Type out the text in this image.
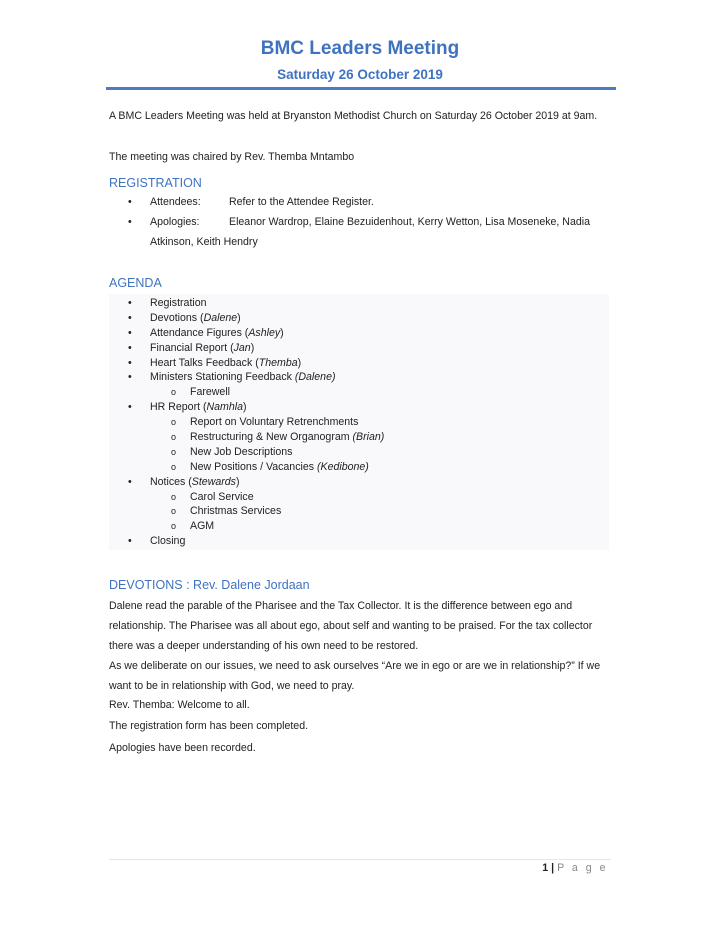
BMC Leaders Meeting
Saturday 26 October 2019

A BMC Leaders Meeting was held at Bryanston Methodist Church on Saturday 26 October 2019 at 9am.

The meeting was chaired by Rev. Themba Mntambo

REGISTRATION
• Attendees:	Refer to the Attendee Register.
• Apologies:	Eleanor Wardrop, Elaine Bezuidenhout, Kerry Wetton, Lisa Moseneke, Nadia Atkinson, Keith Hendry
AGENDA
• Registration
• Devotions (Dalene)
• Attendance Figures (Ashley)
• Financial Report (Jan)
• Heart Talks Feedback (Themba)
• Ministers Stationing Feedback (Dalene)
o Farewell
• HR Report (Namhla)
o Report on Voluntary Retrenchments
o Restructuring & New Organogram (Brian)
o New Job Descriptions
o New Positions / Vacancies (Kedibone)
• Notices (Stewards)
o Carol Service
o Christmas Services
o AGM
• Closing
DEVOTIONS : Rev. Dalene Jordaan

Dalene read the parable of the Pharisee and the Tax Collector. It is the difference between ego and relationship. The Pharisee was all about ego, about self and wanting to be praised. For the tax collector there was a deeper understanding of his own need to be restored.

As we deliberate on our issues, we need to ask ourselves “Are we in ego or are we in relationship?” If we want to be in relationship with God, we need to pray.

Rev. Themba: Welcome to all.

The registration form has been completed.

Apologies have been recorded.

1 | P a g e
